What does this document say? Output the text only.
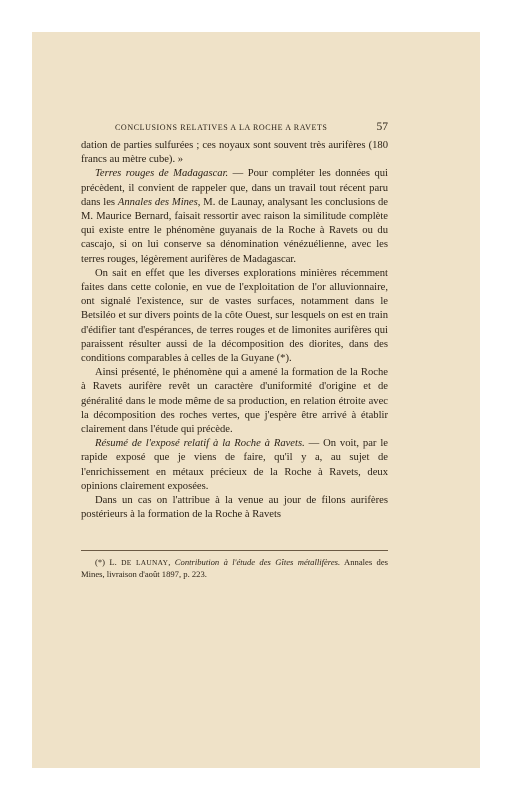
CONCLUSIONS RELATIVES A LA ROCHE A RAVETS	57

dation de parties sulfurées ; ces noyaux sont souvent très aurifères (180 francs au mètre cube). »

Terres rouges de Madagascar. — Pour compléter les données qui précèdent, il convient de rappeler que, dans un travail tout récent paru dans les Annales des Mines, M. de Launay, analysant les conclusions de M. Maurice Bernard, faisait ressortir avec raison la similitude complète qui existe entre le phénomène guyanais de la Roche à Ravets ou du cascajo, si on lui conserve sa dénomination vénézuélienne, avec les terres rouges, légèrement aurifères de Madagascar.

On sait en effet que les diverses explorations minières récemment faites dans cette colonie, en vue de l'exploitation de l'or alluvionnaire, ont signalé l'existence, sur de vastes surfaces, notamment dans le Betsiléo et sur divers points de la côte Ouest, sur lesquels on est en train d'édifier tant d'espérances, de terres rouges et de limonites aurifères qui paraissent résulter aussi de la décomposition des diorites, dans des conditions comparables à celles de la Guyane (*).

Ainsi présenté, le phénomène qui a amené la formation de la Roche à Ravets aurifère revêt un caractère d'uniformité d'origine et de généralité dans le mode même de sa production, en relation étroite avec la décomposition des roches vertes, que j'espère être arrivé à établir clairement dans l'étude qui précède.

Résumé de l'exposé relatif à la Roche à Ravets. — On voit, par le rapide exposé que je viens de faire, qu'il y a, au sujet de l'enrichissement en métaux précieux de la Roche à Ravets, deux opinions clairement exposées.

Dans un cas on l'attribue à la venue au jour de filons aurifères postérieurs à la formation de la Roche à Ravets

(*) L. DE LAUNAY, Contribution à l'étude des Gîtes métallifères. Annales des Mines, livraison d'août 1897, p. 223.
